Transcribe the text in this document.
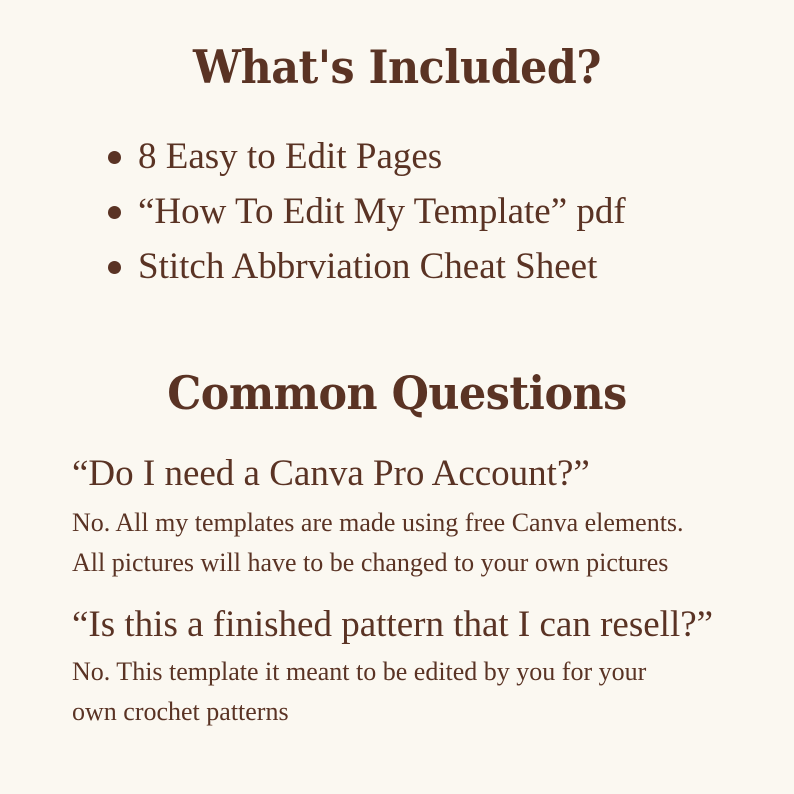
What's Included?
8 Easy to Edit Pages
“How To Edit My Template” pdf
Stitch Abbrviation Cheat Sheet
Common Questions

“Do I need a Canva Pro Account?”

No. All my templates are made using free Canva elements.
All pictures will have to be changed to your own pictures

“Is this a finished pattern that I can resell?”

No. This template it meant to be edited by you for your
own crochet patterns
